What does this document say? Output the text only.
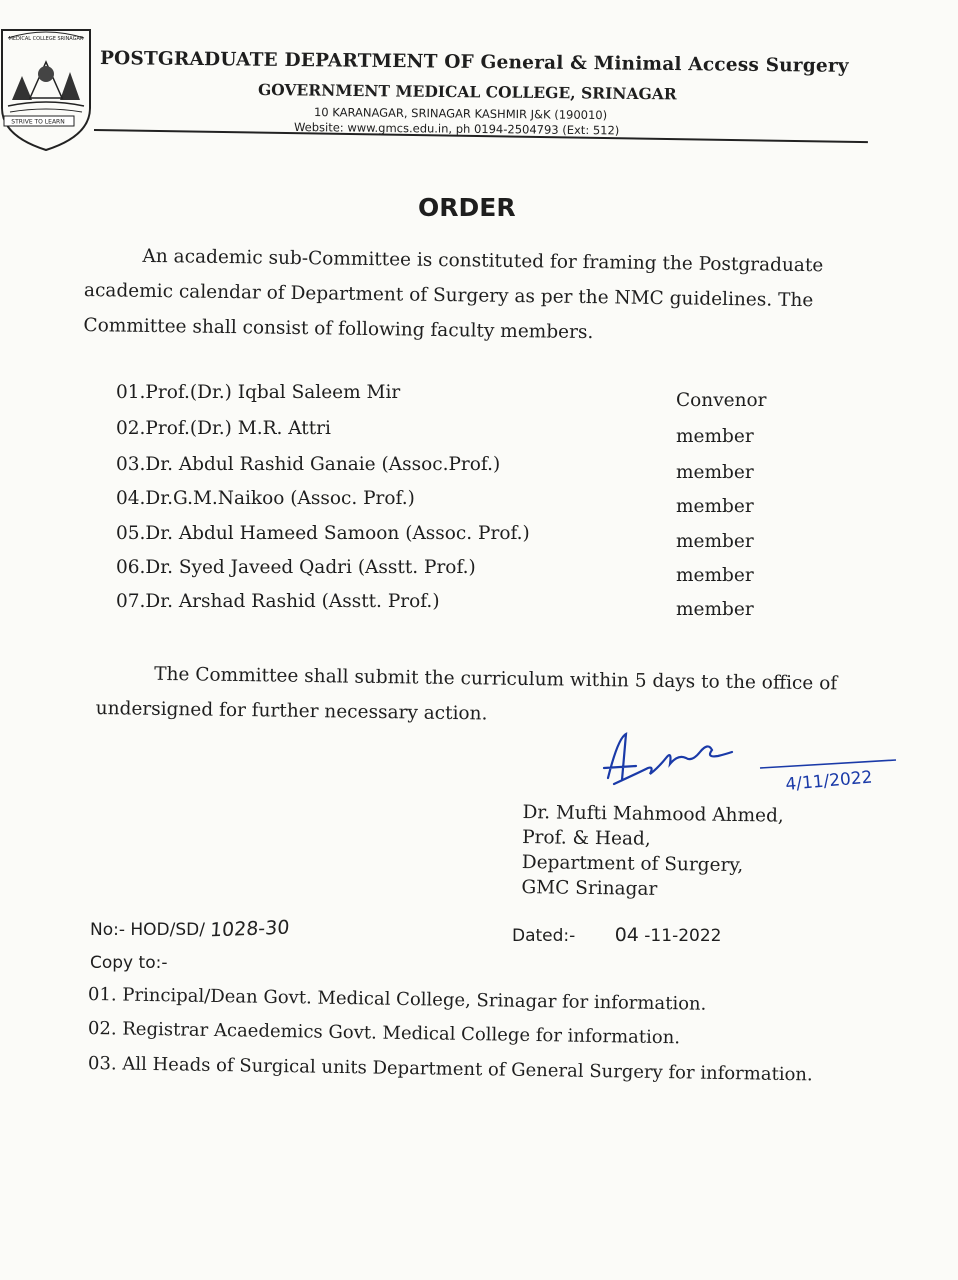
MEDICAL COLLEGE SRINAGAR
STRIVE TO LEARN
POSTGRADUATE DEPARTMENT OF General & Minimal Access Surgery
GOVERNMENT MEDICAL COLLEGE, SRINAGAR
10 KARANAGAR, SRINAGAR KASHMIR J&K (190010)
Website: www.gmcs.edu.in, ph 0194-2504793 (Ext: 512)
ORDER
An academic sub-Committee is constituted for framing the Postgraduate
academic calendar of Department of Surgery as per the NMC guidelines. The
Committee shall consist of following faculty members.
01.Prof.(Dr.) Iqbal Saleem Mir	Convenor
02.Prof.(Dr.) M.R. Attri	member
03.Dr. Abdul Rashid Ganaie (Assoc.Prof.)	member
04.Dr.G.M.Naikoo (Assoc. Prof.)	member
05.Dr. Abdul Hameed Samoon (Assoc. Prof.)	member
06.Dr. Syed Javeed Qadri (Asstt. Prof.)	member
07.Dr. Arshad Rashid (Asstt. Prof.)	member
The Committee shall submit the curriculum within 5 days to the office of
undersigned for further necessary action.
4/11/2022
Dr. Mufti Mahmood Ahmed,
Prof. & Head,
Department of Surgery,
GMC Srinagar
No:- HOD/SD/ 1028-30	Dated:- 04 -11-2022
Copy to:-
01. Principal/Dean Govt. Medical College, Srinagar for information.
02. Registrar Acaedemics Govt. Medical College for information.
03. All Heads of Surgical units Department of General Surgery for information.
